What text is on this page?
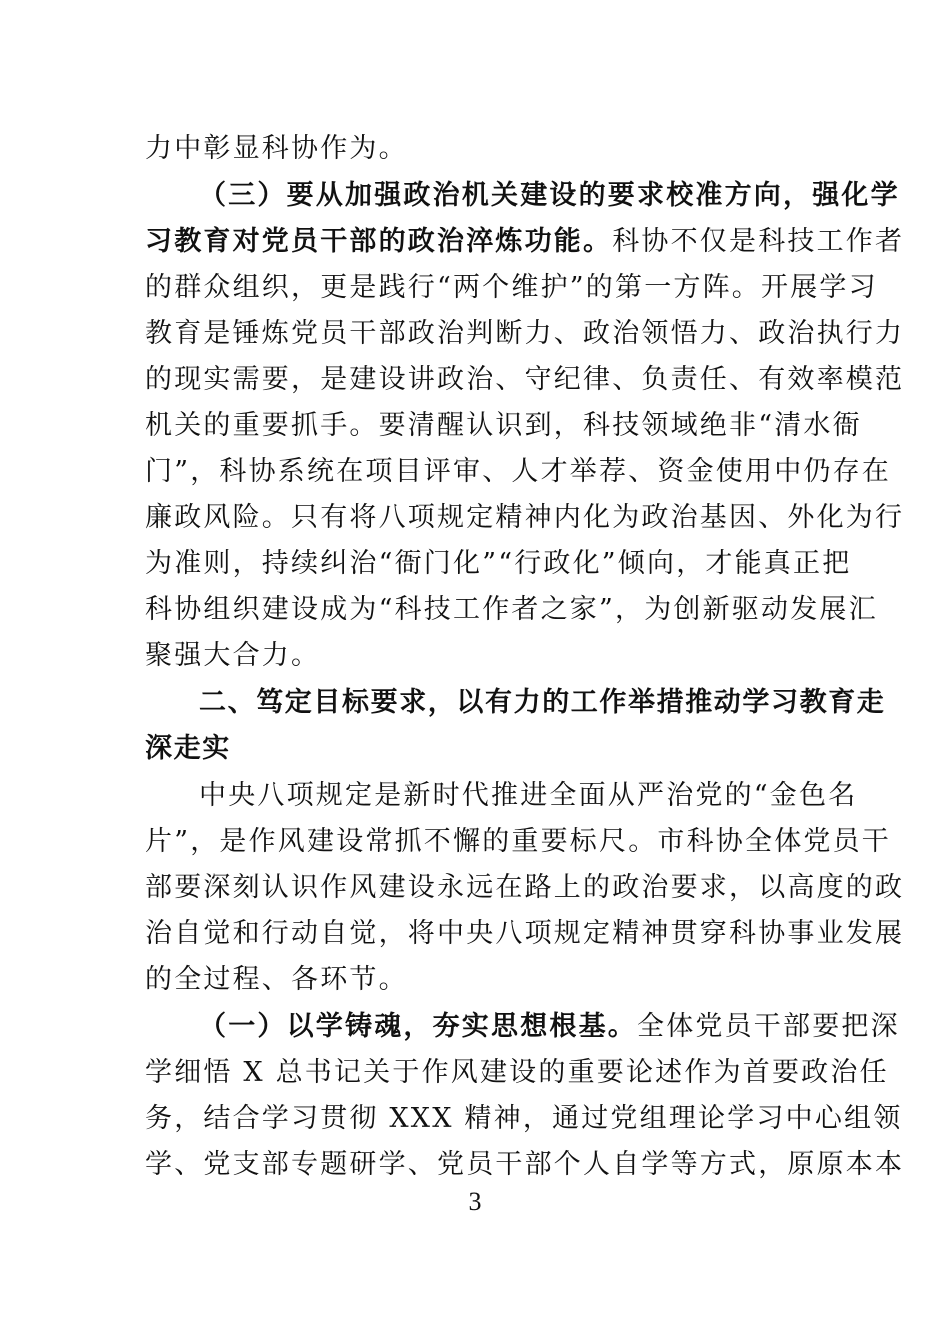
力中彰显科协作为。
（三）要从加强政治机关建设的要求校准方向，强化学
习教育对党员干部的政治淬炼功能。科协不仅是科技工作者
的群众组织，更是践行“两个维护”的第一方阵。开展学习
教育是锤炼党员干部政治判断力、政治领悟力、政治执行力
的现实需要，是建设讲政治、守纪律、负责任、有效率模范
机关的重要抓手。要清醒认识到，科技领域绝非“清水衙
门”，科协系统在项目评审、人才举荐、资金使用中仍存在
廉政风险。只有将八项规定精神内化为政治基因、外化为行
为准则，持续纠治“衙门化”“行政化”倾向，才能真正把
科协组织建设成为“科技工作者之家”，为创新驱动发展汇
聚强大合力。
二、笃定目标要求，以有力的工作举措推动学习教育走
深走实
中央八项规定是新时代推进全面从严治党的“金色名
片”，是作风建设常抓不懈的重要标尺。市科协全体党员干
部要深刻认识作风建设永远在路上的政治要求，以高度的政
治自觉和行动自觉，将中央八项规定精神贯穿科协事业发展
的全过程、各环节。
（一）以学铸魂，夯实思想根基。全体党员干部要把深
学细悟 X 总书记关于作风建设的重要论述作为首要政治任
务，结合学习贯彻 XXX 精神，通过党组理论学习中心组领
学、党支部专题研学、党员干部个人自学等方式，原原本本
3
